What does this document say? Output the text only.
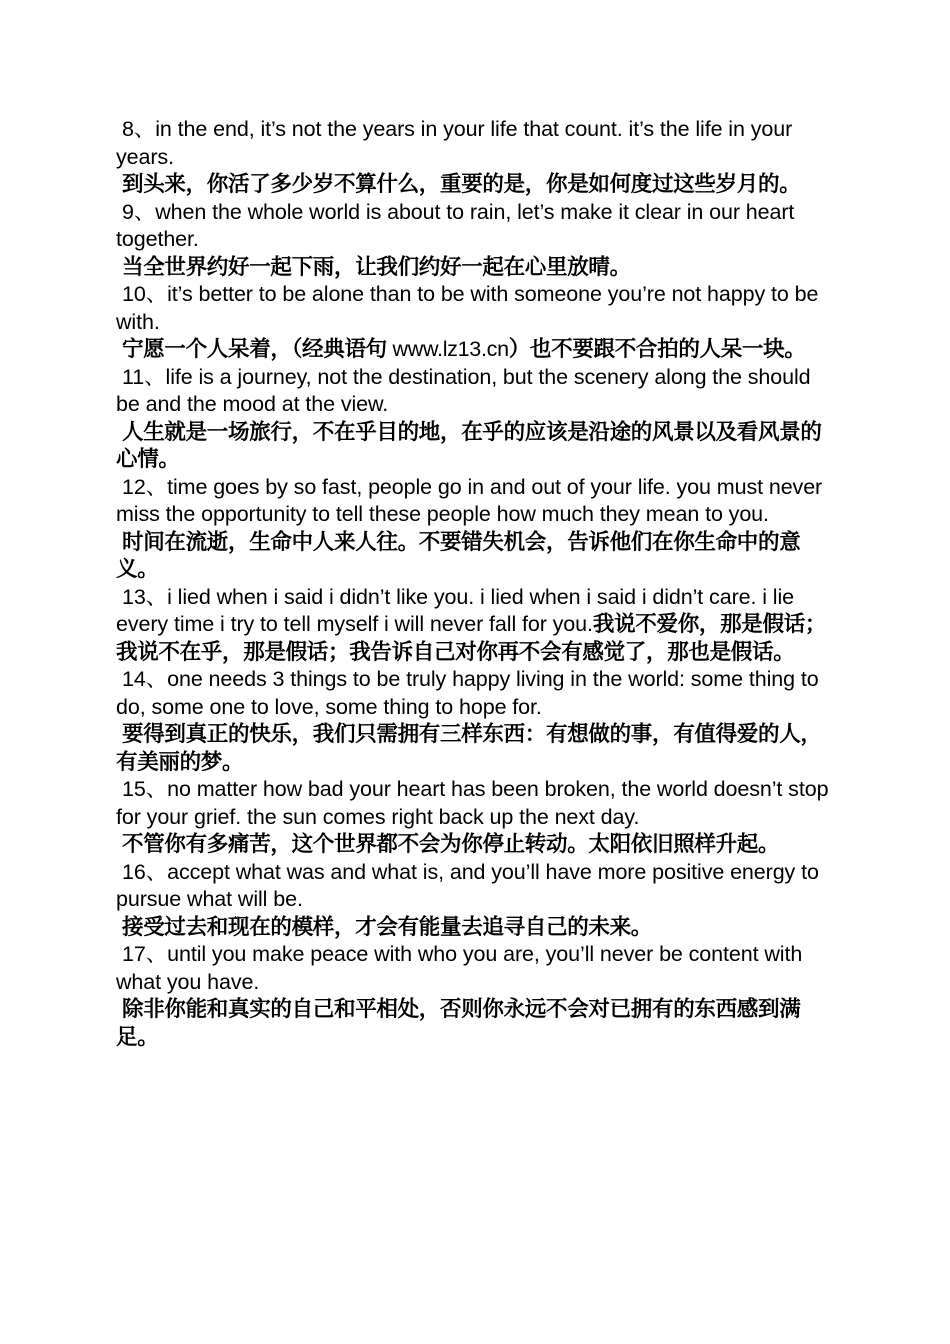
8、in the end, it’s not the years in your life that count. it’s the life in your years.

到头来，你活了多少岁不算什么，重要的是，你是如何度过这些岁月的。

9、when the whole world is about to rain, let’s make it clear in our heart together.

当全世界约好一起下雨，让我们约好一起在心里放晴。

10、it’s better to be alone than to be with someone you’re not happy to be with.

宁愿一个人呆着，（经典语句 www.lz13.cn）也不要跟不合拍的人呆一块。

11、life is a journey, not the destination, but the scenery along the should be and the mood at the view.

人生就是一场旅行，不在乎目的地，在乎的应该是沿途的风景以及看风景的心情。

12、time goes by so fast, people go in and out of your life. you must never miss the opportunity to tell these people how much they mean to you.

时间在流逝，生命中人来人往。不要错失机会，告诉他们在你生命中的意义。

13、i lied when i said i didn’t like you. i lied when i said i didn’t care. i lie every time i try to tell myself i will never fall for you.我说不爱你，那是假话；我说不在乎，那是假话；我告诉自己对你再不会有感觉了，那也是假话。

14、one needs 3 things to be truly happy living in the world: some thing to do, some one to love, some thing to hope for.

要得到真正的快乐，我们只需拥有三样东西：有想做的事，有值得爱的人，有美丽的梦。

15、no matter how bad your heart has been broken, the world doesn’t stop for your grief. the sun comes right back up the next day.

不管你有多痛苦，这个世界都不会为你停止转动。太阳依旧照样升起。

16、accept what was and what is, and you’ll have more positive energy to pursue what will be.

接受过去和现在的模样，才会有能量去追寻自己的未来。

17、until you make peace with who you are, you’ll never be content with what you have.

除非你能和真实的自己和平相处，否则你永远不会对已拥有的东西感到满足。
